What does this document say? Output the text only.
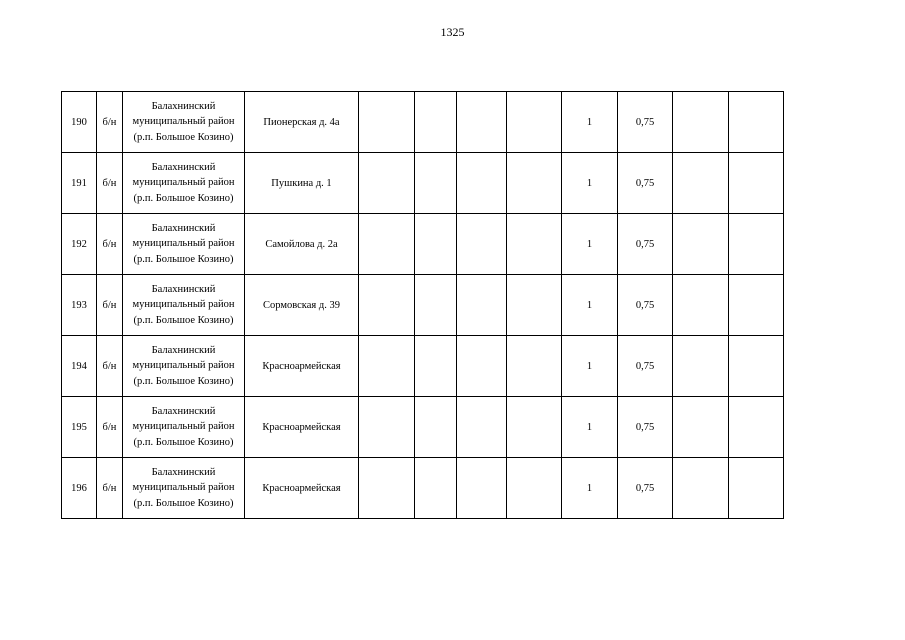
1325
190	б/н	Балахнинский
муниципальный район
(р.п. Большое Козино)	Пионерская д. 4а					1	0,75		
191	б/н	Балахнинский
муниципальный район
(р.п. Большое Козино)	Пушкина д. 1					1	0,75		
192	б/н	Балахнинский
муниципальный район
(р.п. Большое Козино)	Самойлова д. 2а					1	0,75		
193	б/н	Балахнинский
муниципальный район
(р.п. Большое Козино)	Сормовская д. 39					1	0,75		
194	б/н	Балахнинский
муниципальный район
(р.п. Большое Козино)	Красноармейская					1	0,75		
195	б/н	Балахнинский
муниципальный район
(р.п. Большое Козино)	Красноармейская					1	0,75		
196	б/н	Балахнинский
муниципальный район
(р.п. Большое Козино)	Красноармейская					1	0,75		
